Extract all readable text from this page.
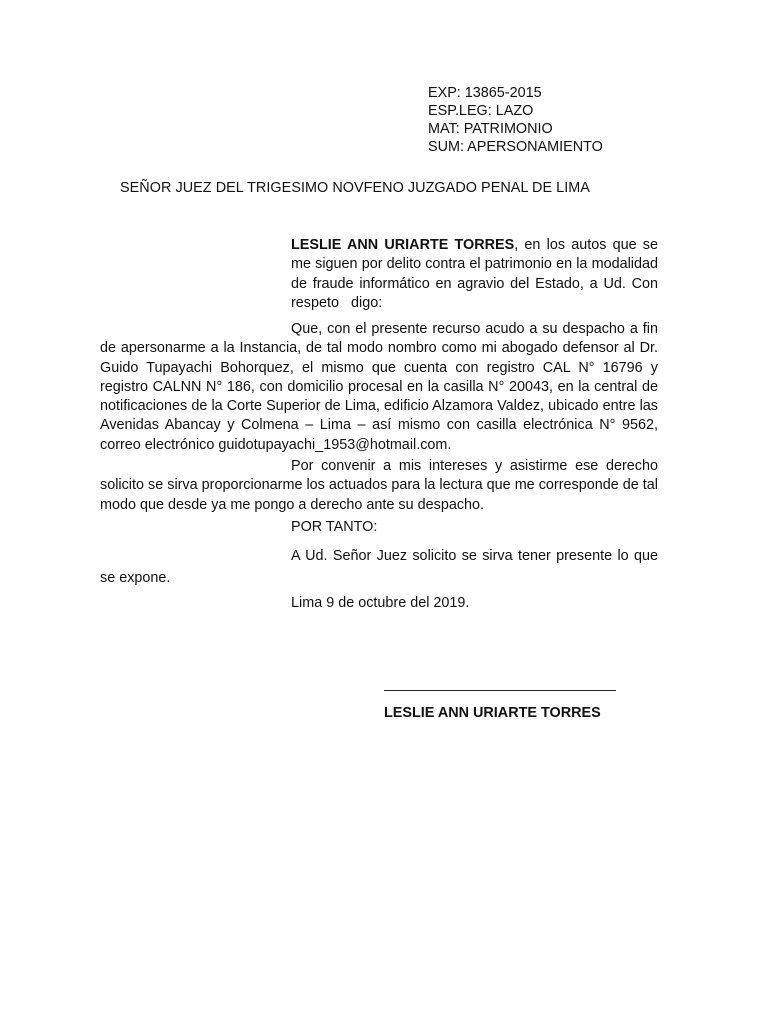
EXP: 13865-2015
ESP.LEG: LAZO
MAT: PATRIMONIO
SUM: APERSONAMIENTO
SEÑOR JUEZ DEL TRIGESIMO NOVFENO JUZGADO PENAL DE LIMA

LESLIE ANN URIARTE TORRES, en los autos que se me siguen por delito contra el patrimonio en la modalidad de fraude informático en agravio del Estado, a Ud. Con respeto   digo:

Que, con el presente recurso acudo a su despacho a fin de apersonarme a la Instancia, de tal modo nombro como mi abogado defensor al Dr. Guido Tupayachi Bohorquez, el mismo que cuenta con registro CAL N° 16796 y registro CALNN N° 186, con domicilio procesal en la casilla N° 20043, en la central de notificaciones de la Corte Superior de Lima, edificio Alzamora Valdez, ubicado entre las Avenidas Abancay y Colmena – Lima – así mismo con casilla electrónica N° 9562, correo electrónico guidotupayachi_1953@hotmail.com.

Por convenir a mis intereses y asistirme ese derecho solicito se sirva proporcionarme los actuados para la lectura que me corresponde de tal modo que desde ya me pongo a derecho ante su despacho.

POR TANTO:

A Ud. Señor Juez solicito se sirva tener presente lo que se expone.

Lima 9 de octubre del 2019.
LESLIE ANN URIARTE TORRES
